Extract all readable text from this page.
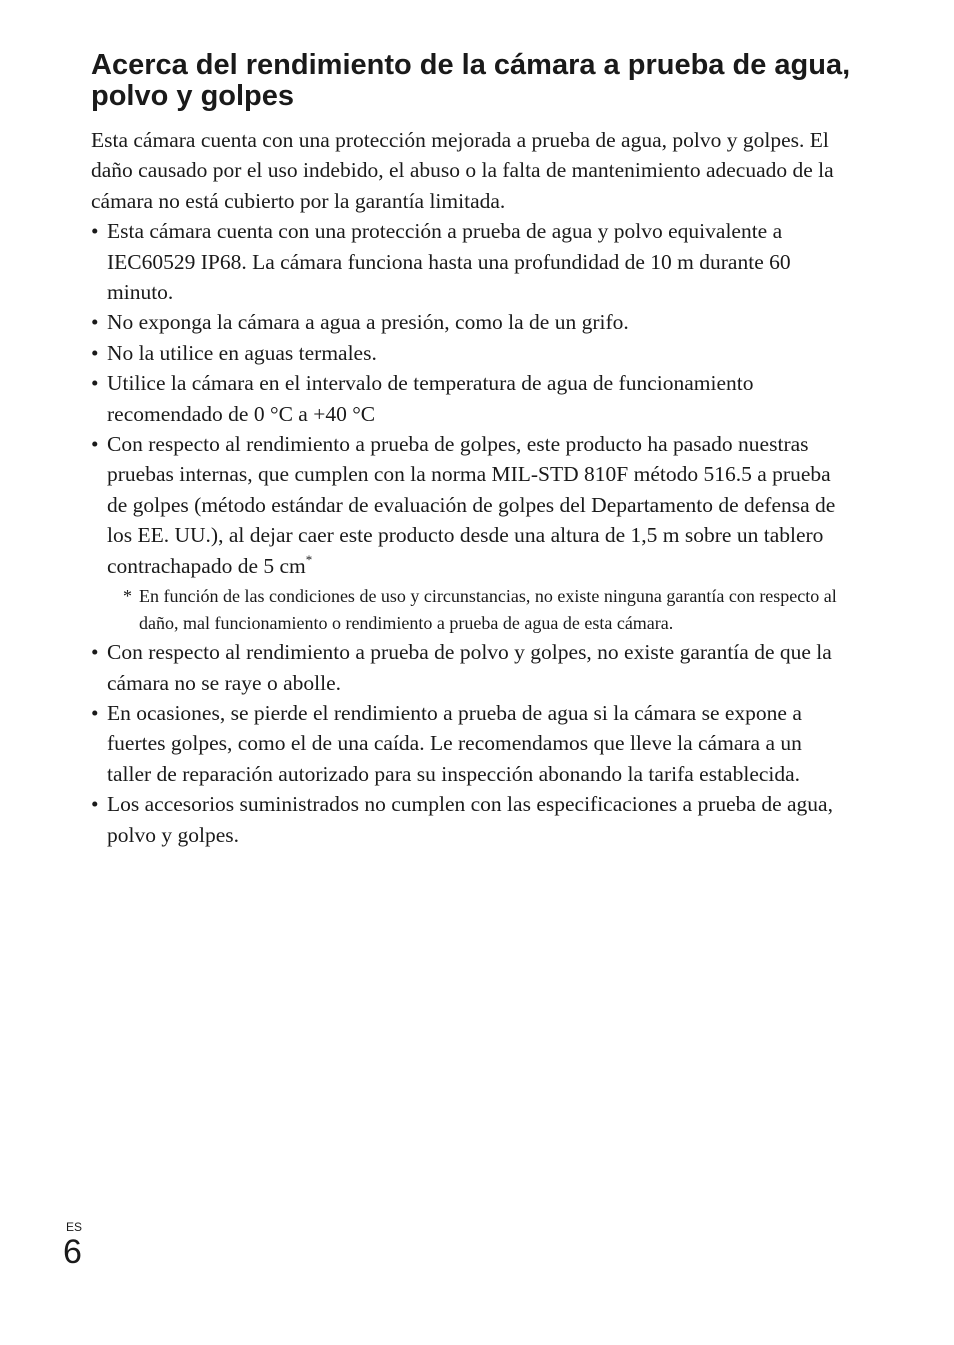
Acerca del rendimiento de la cámara a prueba de agua, polvo y golpes

Esta cámara cuenta con una protección mejorada a prueba de agua, polvo y golpes. El daño causado por el uso indebido, el abuso o la falta de mantenimiento adecuado de la cámara no está cubierto por la garantía limitada.

• Esta cámara cuenta con una protección a prueba de agua y polvo equivalente a IEC60529 IP68. La cámara funciona hasta una profundidad de 10 m durante 60 minuto.
• No exponga la cámara a agua a presión, como la de un grifo.
• No la utilice en aguas termales.
• Utilice la cámara en el intervalo de temperatura de agua de funcionamiento recomendado de 0 °C a +40 °C
• Con respecto al rendimiento a prueba de golpes, este producto ha pasado nuestras pruebas internas, que cumplen con la norma MIL-STD 810F método 516.5 a prueba de golpes (método estándar de evaluación de golpes del Departamento de defensa de los EE. UU.), al dejar caer este producto desde una altura de 1,5 m sobre un tablero contrachapado de 5 cm*
* En función de las condiciones de uso y circunstancias, no existe ninguna garantía con respecto al daño, mal funcionamiento o rendimiento a prueba de agua de esta cámara.
• Con respecto al rendimiento a prueba de polvo y golpes, no existe garantía de que la cámara no se raye o abolle.
• En ocasiones, se pierde el rendimiento a prueba de agua si la cámara se expone a fuertes golpes, como el de una caída. Le recomendamos que lleve la cámara a un taller de reparación autorizado para su inspección abonando la tarifa establecida.
• Los accesorios suministrados no cumplen con las especificaciones a prueba de agua, polvo y golpes.
ES
6
